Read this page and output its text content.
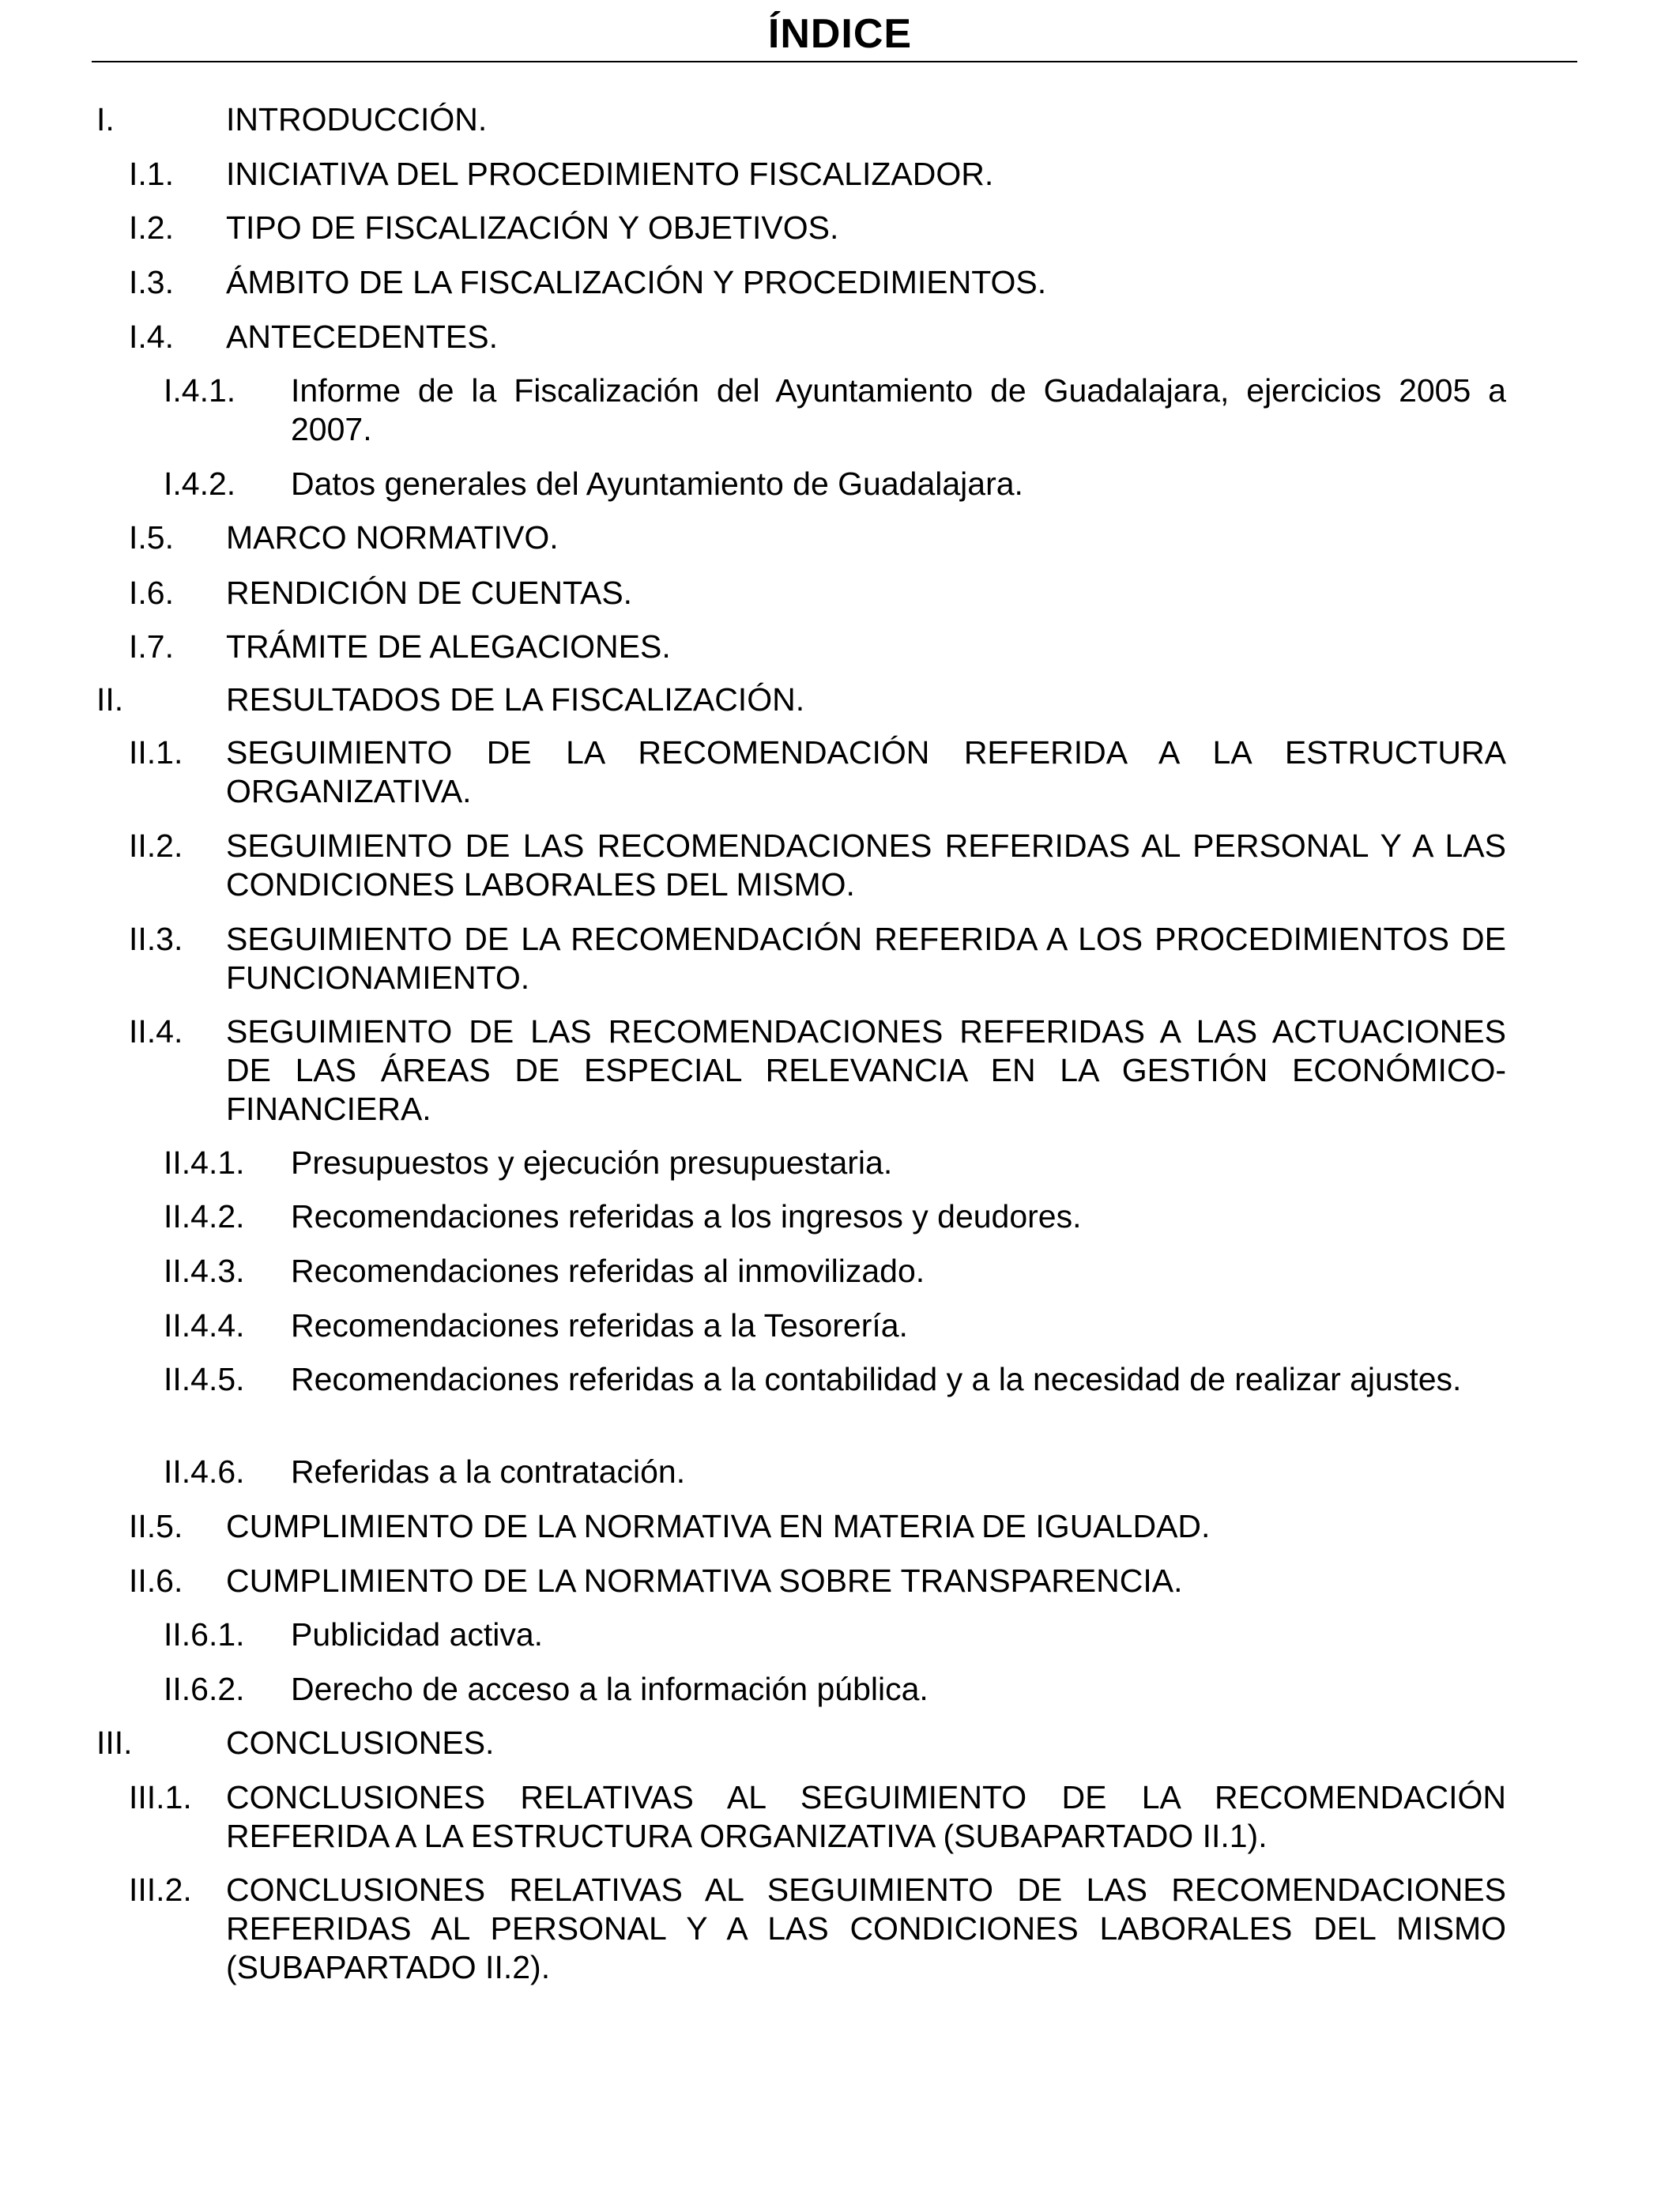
ÍNDICE
I.	INTRODUCCIÓN.
I.1. INICIATIVA DEL PROCEDIMIENTO FISCALIZADOR.
I.2. TIPO DE FISCALIZACIÓN Y OBJETIVOS.
I.3. ÁMBITO DE LA FISCALIZACIÓN Y PROCEDIMIENTOS.
I.4. ANTECEDENTES.
I.4.1. Informe de la Fiscalización del Ayuntamiento de Guadalajara, ejercicios 2005 a 2007.
I.4.2. Datos generales del Ayuntamiento de Guadalajara.
I.5. MARCO NORMATIVO.
I.6. RENDICIÓN DE CUENTAS.
I.7. TRÁMITE DE ALEGACIONES.
II.	RESULTADOS DE LA FISCALIZACIÓN.
II.1. SEGUIMIENTO DE LA RECOMENDACIÓN REFERIDA A LA ESTRUCTURA ORGANIZATIVA.
II.2. SEGUIMIENTO DE LAS RECOMENDACIONES REFERIDAS AL PERSONAL Y A LAS CONDICIONES LABORALES DEL MISMO.
II.3. SEGUIMIENTO DE LA RECOMENDACIÓN REFERIDA A LOS PROCEDIMIENTOS DE FUNCIONAMIENTO.
II.4. SEGUIMIENTO DE LAS RECOMENDACIONES REFERIDAS A LAS ACTUACIONES DE LAS ÁREAS DE ESPECIAL RELEVANCIA EN LA GESTIÓN ECONÓMICO-FINANCIERA.
II.4.1. Presupuestos y ejecución presupuestaria.
II.4.2. Recomendaciones referidas a los ingresos y deudores.
II.4.3. Recomendaciones referidas al inmovilizado.
II.4.4. Recomendaciones referidas a la Tesorería.
II.4.5. Recomendaciones referidas a la contabilidad y a la necesidad de realizar ajustes.
II.4.6. Referidas a la contratación.
II.5. CUMPLIMIENTO DE LA NORMATIVA EN MATERIA DE IGUALDAD.
II.6. CUMPLIMIENTO DE LA NORMATIVA SOBRE TRANSPARENCIA.
II.6.1. Publicidad activa.
II.6.2. Derecho de acceso a la información pública.
III.	CONCLUSIONES.
III.1. CONCLUSIONES RELATIVAS AL SEGUIMIENTO DE LA RECOMENDACIÓN REFERIDA A LA ESTRUCTURA ORGANIZATIVA (SUBAPARTADO II.1).
III.2. CONCLUSIONES RELATIVAS AL SEGUIMIENTO DE LAS RECOMENDACIONES REFERIDAS AL PERSONAL Y A LAS CONDICIONES LABORALES DEL MISMO (SUBAPARTADO II.2).
